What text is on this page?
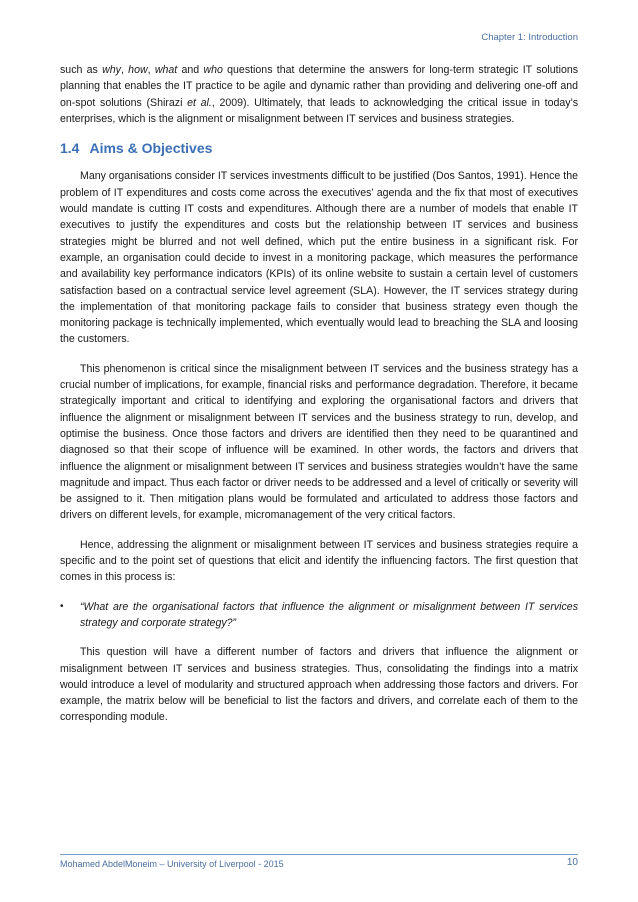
Chapter 1: Introduction

such as why, how, what and who questions that determine the answers for long-term strategic IT solutions planning that enables the IT practice to be agile and dynamic rather than providing and delivering one-off and on-spot solutions (Shirazi et al., 2009). Ultimately, that leads to acknowledging the critical issue in today’s enterprises, which is the alignment or misalignment between IT services and business strategies.

1.4 Aims & Objectives

Many organisations consider IT services investments difficult to be justified (Dos Santos, 1991). Hence the problem of IT expenditures and costs come across the executives’ agenda and the fix that most of executives would mandate is cutting IT costs and expenditures. Although there are a number of models that enable IT executives to justify the expenditures and costs but the relationship between IT services and business strategies might be blurred and not well defined, which put the entire business in a significant risk. For example, an organisation could decide to invest in a monitoring package, which measures the performance and availability key performance indicators (KPIs) of its online website to sustain a certain level of customers satisfaction based on a contractual service level agreement (SLA). However, the IT services strategy during the implementation of that monitoring package fails to consider that business strategy even though the monitoring package is technically implemented, which eventually would lead to breaching the SLA and loosing the customers.

This phenomenon is critical since the misalignment between IT services and the business strategy has a crucial number of implications, for example, financial risks and performance degradation. Therefore, it became strategically important and critical to identifying and exploring the organisational factors and drivers that influence the alignment or misalignment between IT services and the business strategy to run, develop, and optimise the business. Once those factors and drivers are identified then they need to be quarantined and diagnosed so that their scope of influence will be examined. In other words, the factors and drivers that influence the alignment or misalignment between IT services and business strategies wouldn’t have the same magnitude and impact. Thus each factor or driver needs to be addressed and a level of critically or severity will be assigned to it. Then mitigation plans would be formulated and articulated to address those factors and drivers on different levels, for example, micromanagement of the very critical factors.

Hence, addressing the alignment or misalignment between IT services and business strategies require a specific and to the point set of questions that elicit and identify the influencing factors. The first question that comes in this process is:

•	“What are the organisational factors that influence the alignment or misalignment between IT services strategy and corporate strategy?”

This question will have a different number of factors and drivers that influence the alignment or misalignment between IT services and business strategies. Thus, consolidating the findings into a matrix would introduce a level of modularity and structured approach when addressing those factors and drivers. For example, the matrix below will be beneficial to list the factors and drivers, and correlate each of them to the corresponding module.

Mohamed AbdelMoneim – University of Liverpool - 2015	10
